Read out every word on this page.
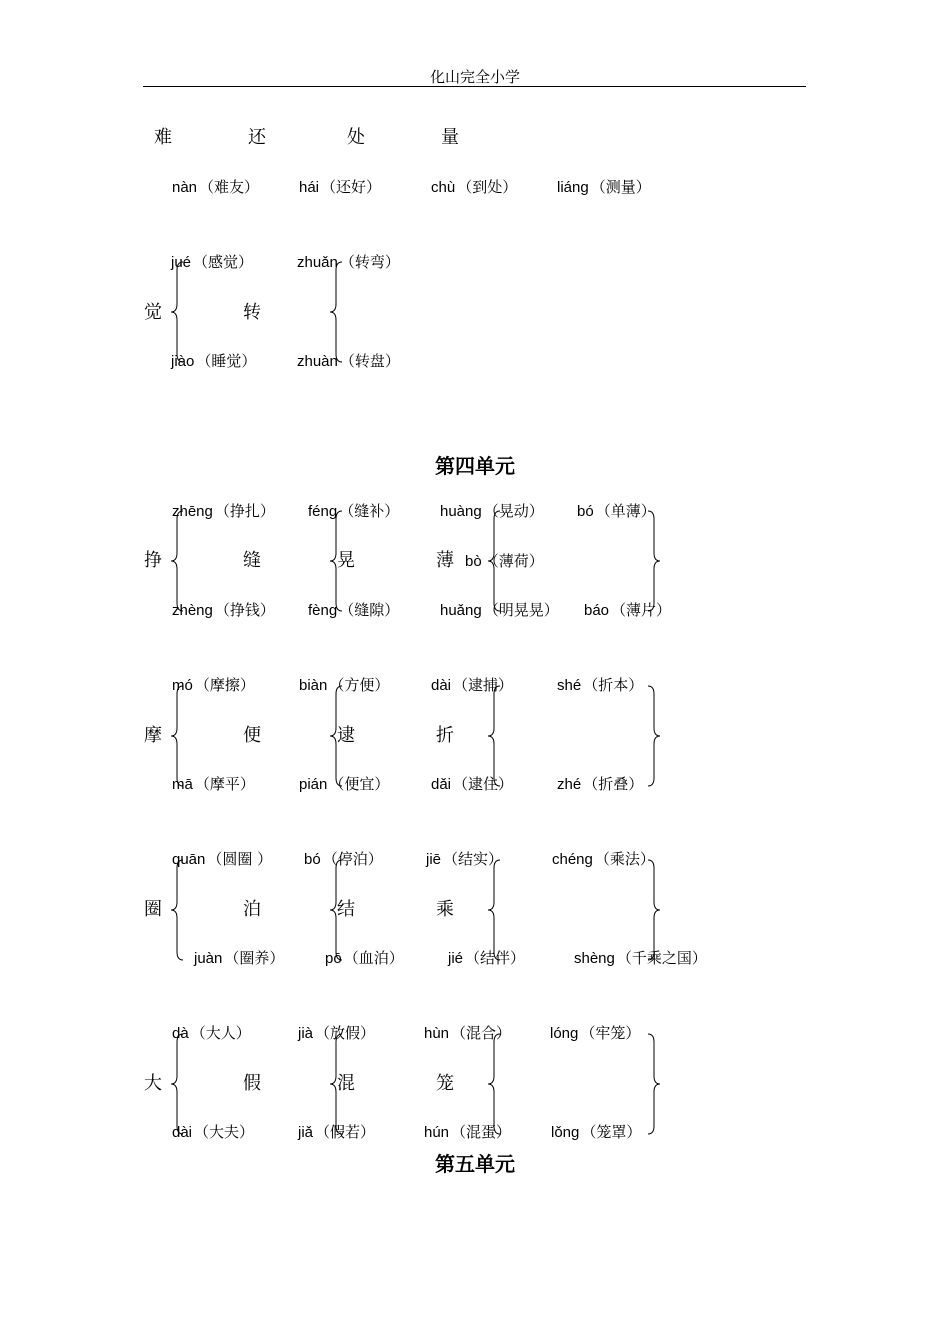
化山完全小学
难	还	处	量
nàn （难友）	hái （还好）	chù （到处）	liáng （测量）
jué （感觉）	zhuǎn （转弯）
觉	转
jiào （睡觉）	zhuàn （转盘）
第四单元
zhēng （挣扎） féng （缝补）	huàng （晃动） bó （单薄）
挣	缝	晃	薄 bò （薄荷）
zhèng （挣钱） fèng （缝隙）	huǎng （明晃晃） báo （薄片）
mó （摩擦）	biàn （方便）	dài （逮捕）	shé （折本）
摩	便	逮	折
mā （摩平）	pián （便宜）	dǎi （逮住）	zhé （折叠）
quān （圆圈 ） bó （停泊）	jiē （结实）	chéng （乘法）
圈	泊	结	乘
juàn （圈养）	pō （血泊）	jié （结伴）	shèng （千乘之国）
dà （大人）	jià （放假）	hùn （混合）	lóng （牢笼）
大	假	混	笼
dài （大夫）	jiǎ （假若）	hún （混蛋）	lǒng （笼罩）
第五单元
